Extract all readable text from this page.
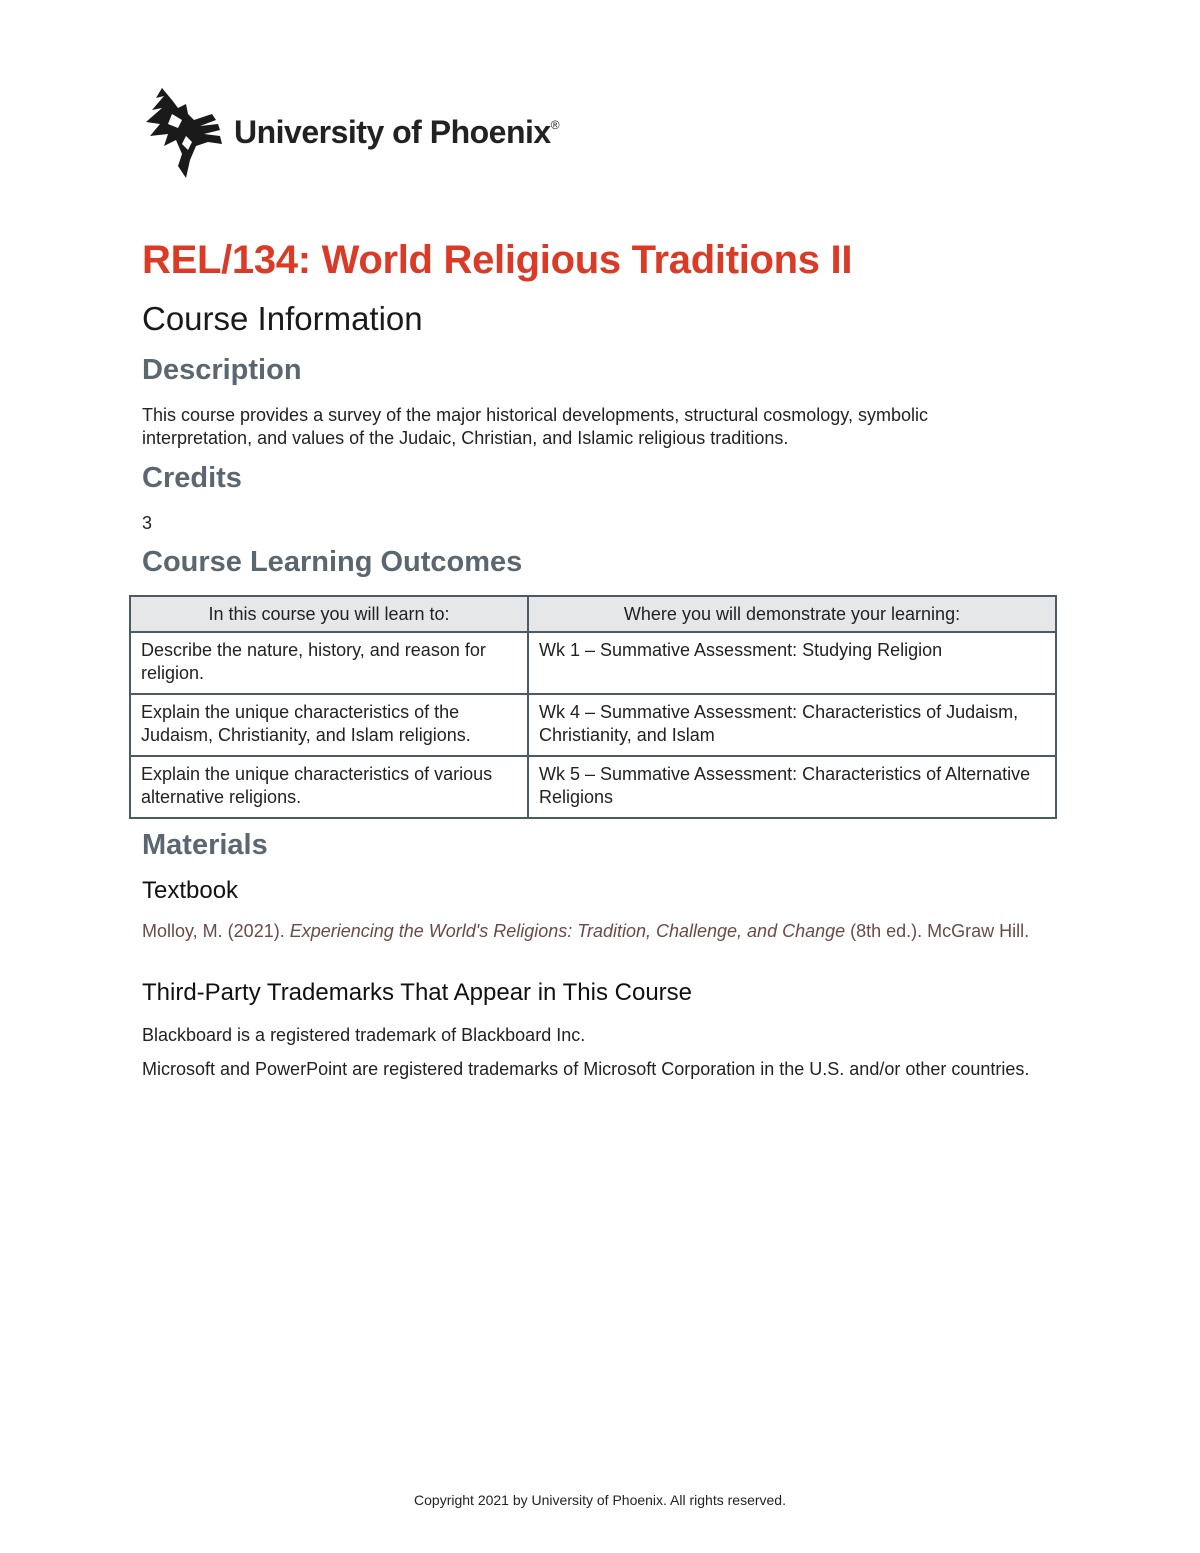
University of Phoenix®
REL/134: World Religious Traditions II
Course Information
Description
This course provides a survey of the major historical developments, structural cosmology, symbolic interpretation, and values of the Judaic, Christian, and Islamic religious traditions.
Credits
3
Course Learning Outcomes
In this course you will learn to:	Where you will demonstrate your learning:
Describe the nature, history, and reason for religion.	Wk 1 – Summative Assessment: Studying Religion
Explain the unique characteristics of the Judaism, Christianity, and Islam religions.	Wk 4 – Summative Assessment: Characteristics of Judaism, Christianity, and Islam
Explain the unique characteristics of various alternative religions.	Wk 5 – Summative Assessment: Characteristics of Alternative Religions
Materials
Textbook
Molloy, M. (2021). Experiencing the World's Religions: Tradition, Challenge, and Change (8th ed.). McGraw Hill.
Third-Party Trademarks That Appear in This Course
Blackboard is a registered trademark of Blackboard Inc.
Microsoft and PowerPoint are registered trademarks of Microsoft Corporation in the U.S. and/or other countries.
Copyright 2021 by University of Phoenix. All rights reserved.
